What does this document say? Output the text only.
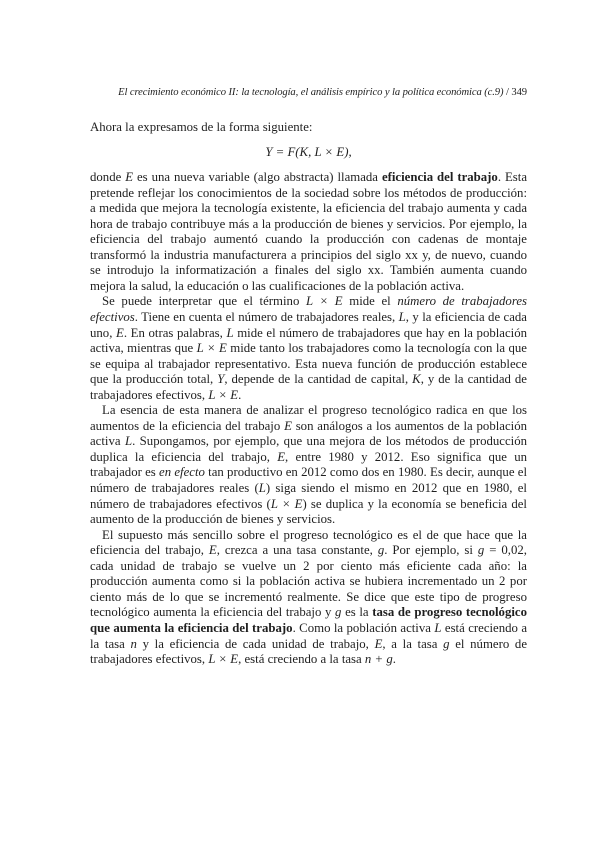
El crecimiento económico II: la tecnología, el análisis empírico y la política económica (c.9) / 349

Ahora la expresamos de la forma siguiente:

Y = F(K, L × E),

donde E es una nueva variable (algo abstracta) llamada eficiencia del trabajo. Esta pretende reflejar los conocimientos de la sociedad sobre los métodos de producción: a medida que mejora la tecnología existente, la eficiencia del trabajo aumenta y cada hora de trabajo contribuye más a la producción de bienes y servicios. Por ejemplo, la eficiencia del trabajo aumentó cuando la producción con cadenas de montaje transformó la industria manufacturera a principios del siglo xx y, de nuevo, cuando se introdujo la informatización a finales del siglo xx. También aumenta cuando mejora la salud, la educación o las cualificaciones de la población activa.

Se puede interpretar que el término L × E mide el número de trabajadores efectivos. Tiene en cuenta el número de trabajadores reales, L, y la eficiencia de cada uno, E. En otras palabras, L mide el número de trabajadores que hay en la población activa, mientras que L × E mide tanto los trabajadores como la tecnología con la que se equipa al trabajador representativo. Esta nueva función de producción establece que la producción total, Y, depende de la cantidad de capital, K, y de la cantidad de trabajadores efectivos, L × E.

La esencia de esta manera de analizar el progreso tecnológico radica en que los aumentos de la eficiencia del trabajo E son análogos a los aumentos de la población activa L. Supongamos, por ejemplo, que una mejora de los métodos de producción duplica la eficiencia del trabajo, E, entre 1980 y 2012. Eso significa que un trabajador es en efecto tan productivo en 2012 como dos en 1980. Es decir, aunque el número de trabajadores reales (L) siga siendo el mismo en 2012 que en 1980, el número de trabajadores efectivos (L × E) se duplica y la economía se beneficia del aumento de la producción de bienes y servicios.

El supuesto más sencillo sobre el progreso tecnológico es el de que hace que la eficiencia del trabajo, E, crezca a una tasa constante, g. Por ejemplo, si g = 0,02, cada unidad de trabajo se vuelve un 2 por ciento más eficiente cada año: la producción aumenta como si la población activa se hubiera incrementado un 2 por ciento más de lo que se incrementó realmente. Se dice que este tipo de progreso tecnológico aumenta la eficiencia del trabajo y g es la tasa de progreso tecnológico que aumenta la eficiencia del trabajo. Como la población activa L está creciendo a la tasa n y la eficiencia de cada unidad de trabajo, E, a la tasa g el número de trabajadores efectivos, L × E, está creciendo a la tasa n + g.
